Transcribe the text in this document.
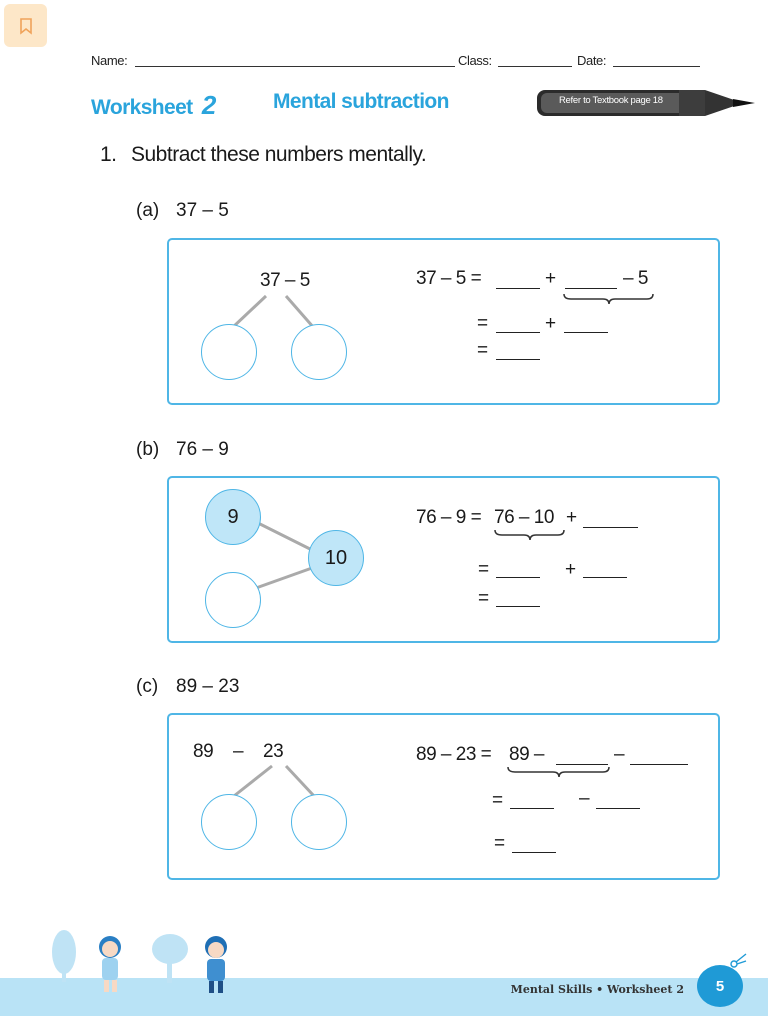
Name:	Class:	Date:
Worksheet 2	Mental subtraction	Refer to Textbook page 18
1. Subtract these numbers mentally.
(a) 37 – 5
37 – 5	37 – 5 =	+	– 5
=	+
=
(b) 76 – 9
9
10
76 – 9 = 76 – 10 +
=	+
=
(c) 89 – 23
89 – 23	89 – 23 = 89 –	–
=	–
=
Mental Skills • Worksheet 2	5
